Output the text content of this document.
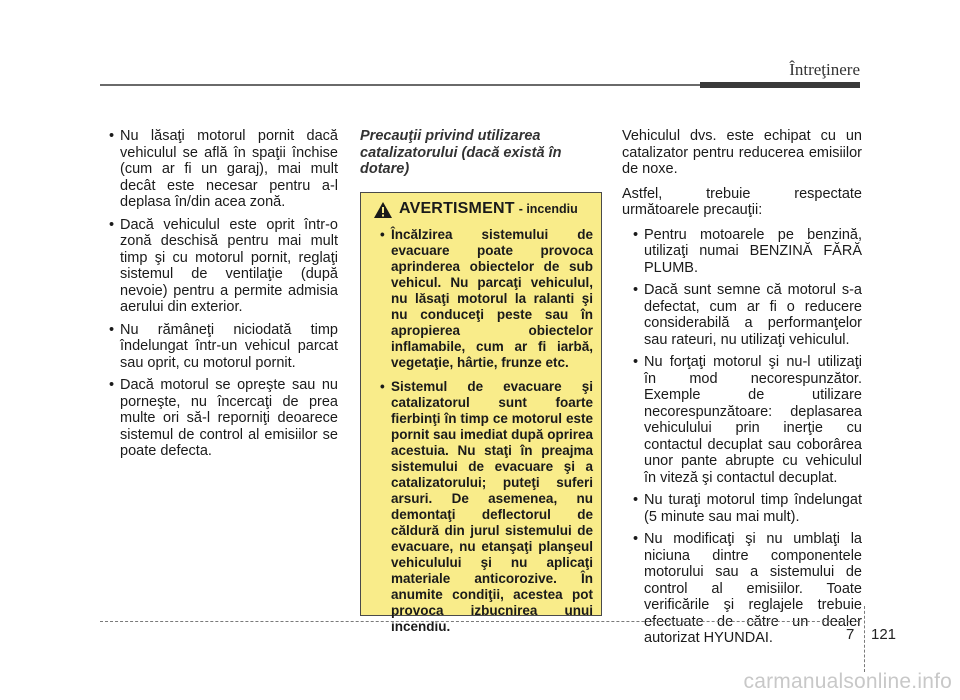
Întreţinere
• Nu lăsaţi motorul pornit dacă vehiculul se află în spaţii închise (cum ar fi un garaj), mai mult decât este necesar pentru a-l deplasa în/din acea zonă.
• Dacă vehiculul este oprit într-o zonă deschisă pentru mai mult timp şi cu motorul pornit, reglaţi sistemul de ventilaţie (după nevoie) pentru a permite admisia aerului din exterior.
• Nu rămâneţi niciodată timp îndelungat într-un vehicul parcat sau oprit, cu motorul pornit.
• Dacă motorul se opreşte sau nu porneşte, nu încercaţi de prea multe ori să-l reporniţi deoarece sistemul de control al emisiilor se poate defecta.
Precauţii privind utilizarea catalizatorului (dacă există în dotare)
AVERTISMENT - incendiu
• Încălzirea sistemului de evacuare poate provoca aprinderea obiectelor de sub vehicul. Nu parcaţi vehiculul, nu lăsaţi motorul la ralanti şi nu conduceţi peste sau în apropierea obiectelor inflamabile, cum ar fi iarbă, vegetaţie, hârtie, frunze etc.
• Sistemul de evacuare şi catalizatorul sunt foarte fierbinţi în timp ce motorul este pornit sau imediat după oprirea acestuia. Nu staţi în preajma sistemului de evacuare şi a catalizatorului; puteţi suferi arsuri. De asemenea, nu demontaţi deflectorul de căldură din jurul sistemului de evacuare, nu etanşaţi planşeul vehiculului şi nu aplicaţi materiale anticorozive. În anumite condiţii, acestea pot provoca izbucnirea unui incendiu.

Vehiculul dvs. este echipat cu un catalizator pentru reducerea emisiilor de noxe.

Astfel, trebuie respectate următoarele precauţii:

• Pentru motoarele pe benzină, utilizaţi numai BENZINĂ FĂRĂ PLUMB.
• Dacă sunt semne că motorul s-a defectat, cum ar fi o reducere considerabilă a performanţelor sau rateuri, nu utilizaţi vehiculul.
• Nu forţaţi motorul şi nu-l utilizaţi în mod necorespunzător. Exemple de utilizare necorespunzătoare: deplasarea vehiculului prin inerţie cu contactul decuplat sau coborârea unor pante abrupte cu vehiculul în viteză şi contactul decuplat.
• Nu turaţi motorul timp îndelungat (5 minute sau mai mult).
• Nu modificaţi şi nu umblaţi la niciuna dintre componentele motorului sau a sistemului de control al emisiilor. Toate verificările şi reglajele trebuie efectuate de către un dealer autorizat HYUNDAI.	7 121
carmanualsonline.info
